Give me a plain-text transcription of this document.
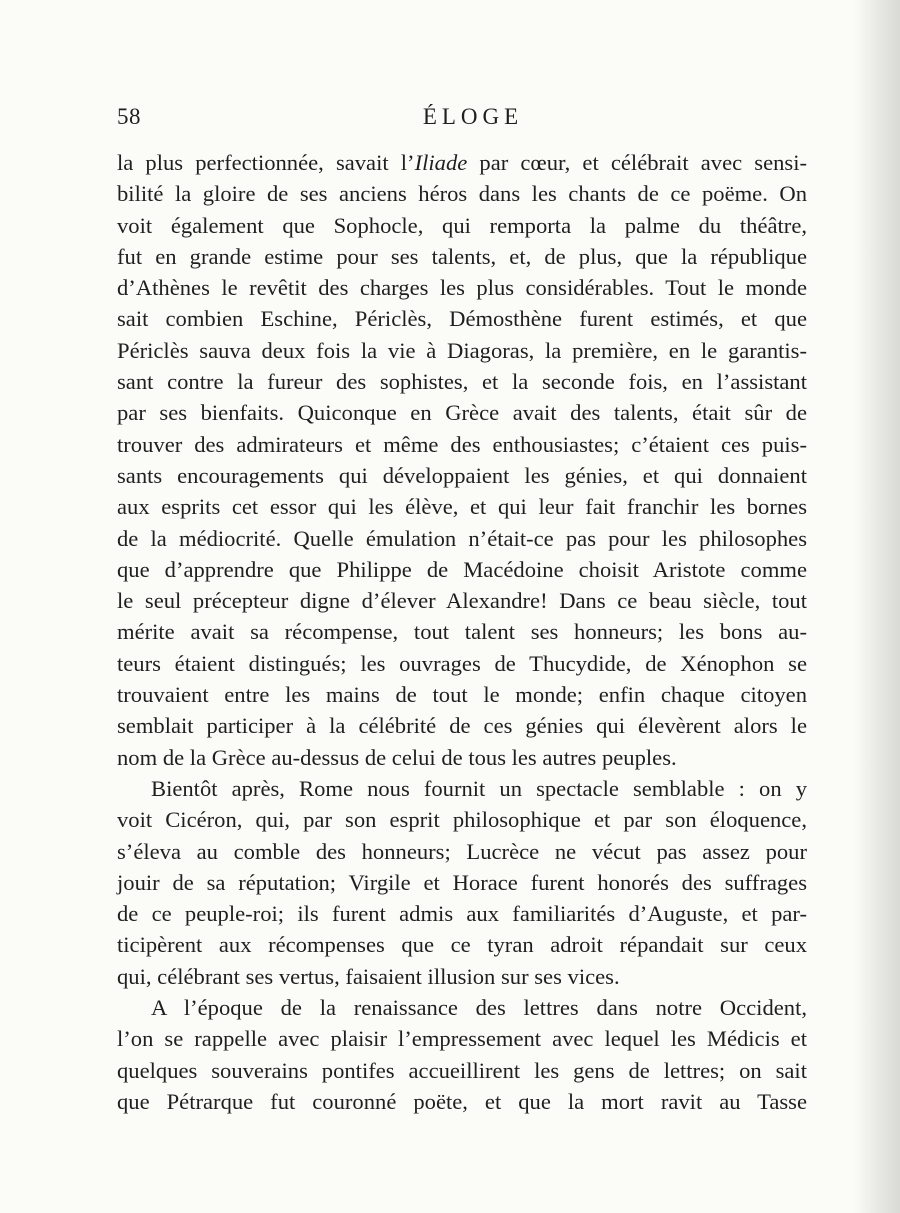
58	ÉLOGE
la plus perfectionnée, savait l’Iliade par cœur, et célébrait avec sensi-
bilité la gloire de ses anciens héros dans les chants de ce poëme. On
voit également que Sophocle, qui remporta la palme du théâtre,
fut en grande estime pour ses talents, et, de plus, que la république
d’Athènes le revêtit des charges les plus considérables. Tout le monde
sait combien Eschine, Périclès, Démosthène furent estimés, et que
Périclès sauva deux fois la vie à Diagoras, la première, en le garantis-
sant contre la fureur des sophistes, et la seconde fois, en l’assistant
par ses bienfaits. Quiconque en Grèce avait des talents, était sûr de
trouver des admirateurs et même des enthousiastes; c’étaient ces puis-
sants encouragements qui développaient les génies, et qui donnaient
aux esprits cet essor qui les élève, et qui leur fait franchir les bornes
de la médiocrité. Quelle émulation n’était-ce pas pour les philosophes
que d’apprendre que Philippe de Macédoine choisit Aristote comme
le seul précepteur digne d’élever Alexandre! Dans ce beau siècle, tout
mérite avait sa récompense, tout talent ses honneurs; les bons au-
teurs étaient distingués; les ouvrages de Thucydide, de Xénophon se
trouvaient entre les mains de tout le monde; enfin chaque citoyen
semblait participer à la célébrité de ces génies qui élevèrent alors le
nom de la Grèce au-dessus de celui de tous les autres peuples.
Bientôt après, Rome nous fournit un spectacle semblable : on y
voit Cicéron, qui, par son esprit philosophique et par son éloquence,
s’éleva au comble des honneurs; Lucrèce ne vécut pas assez pour
jouir de sa réputation; Virgile et Horace furent honorés des suffrages
de ce peuple-roi; ils furent admis aux familiarités d’Auguste, et par-
ticipèrent aux récompenses que ce tyran adroit répandait sur ceux
qui, célébrant ses vertus, faisaient illusion sur ses vices.
A l’époque de la renaissance des lettres dans notre Occident,
l’on se rappelle avec plaisir l’empressement avec lequel les Médicis et
quelques souverains pontifes accueillirent les gens de lettres; on sait
que Pétrarque fut couronné poëte, et que la mort ravit au Tasse
